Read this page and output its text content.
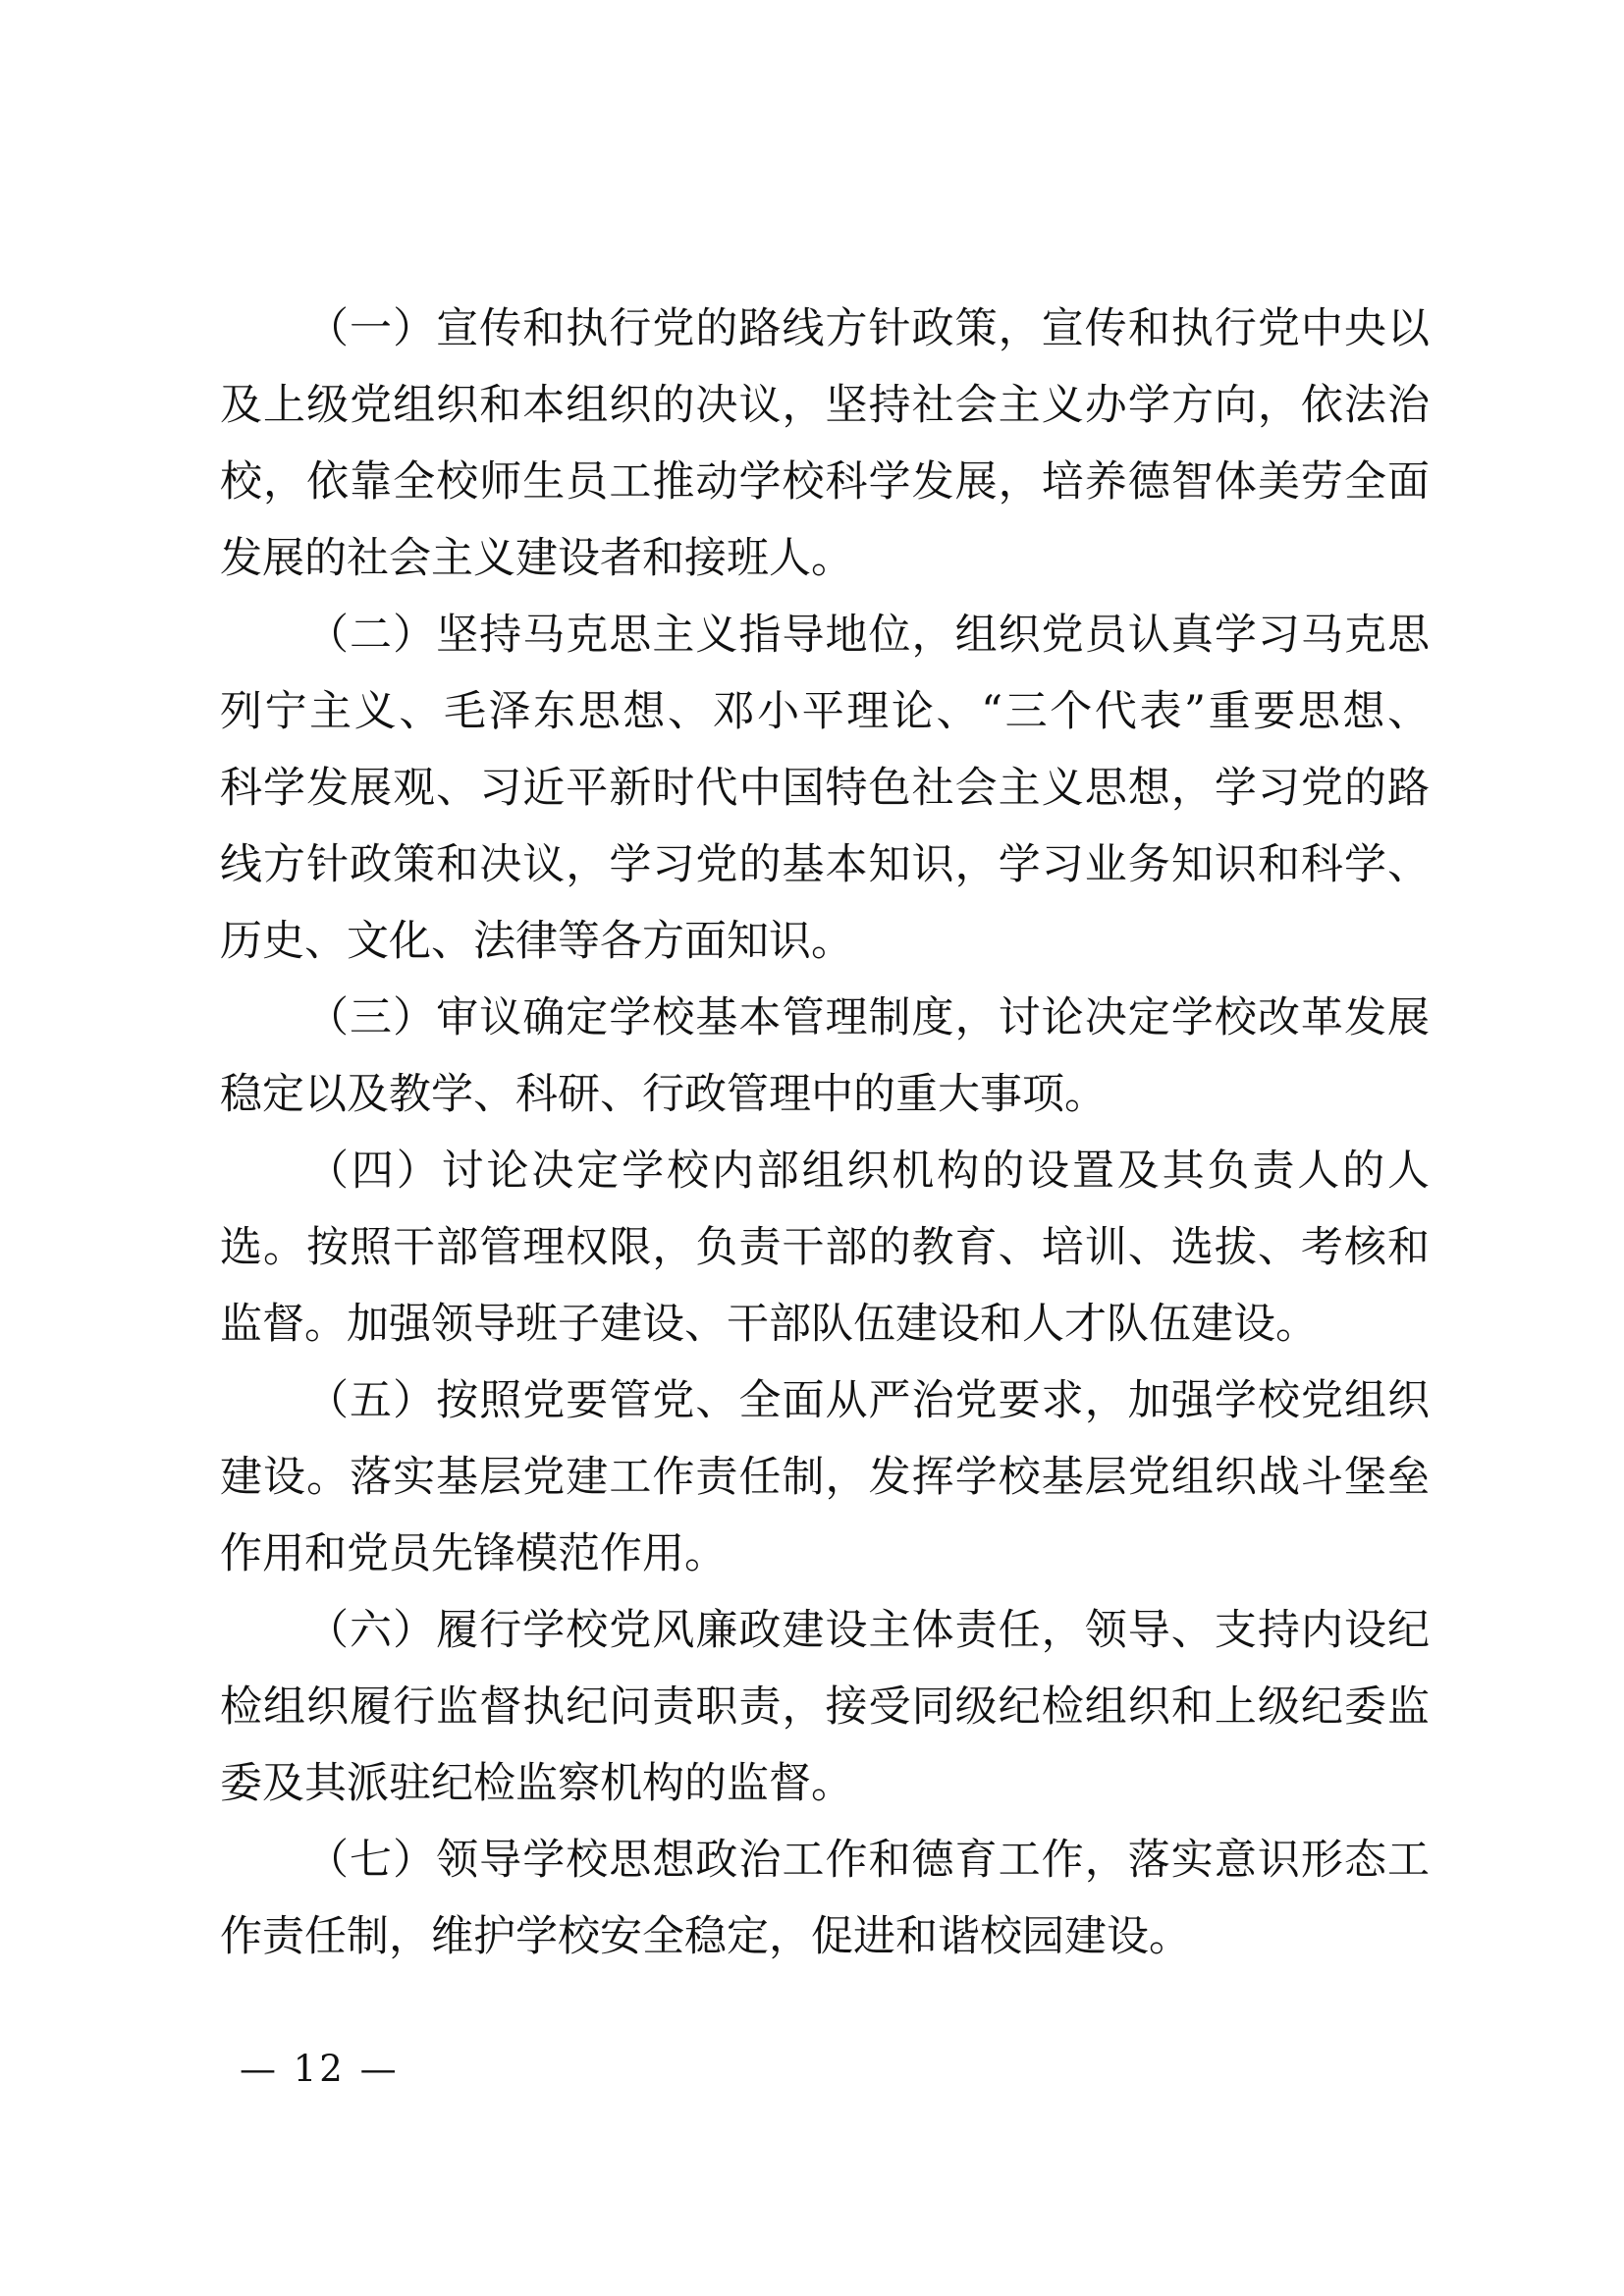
（一）宣传和执行党的路线方针政策，宣传和执行党中央以
及上级党组织和本组织的决议，坚持社会主义办学方向，依法治
校，依靠全校师生员工推动学校科学发展，培养德智体美劳全面
发展的社会主义建设者和接班人。
（二）坚持马克思主义指导地位，组织党员认真学习马克思
列宁主义、毛泽东思想、邓小平理论、“三个代表”重要思想、
科学发展观、习近平新时代中国特色社会主义思想，学习党的路
线方针政策和决议，学习党的基本知识，学习业务知识和科学、
历史、文化、法律等各方面知识。
（三）审议确定学校基本管理制度，讨论决定学校改革发展
稳定以及教学、科研、行政管理中的重大事项。
（四）讨论决定学校内部组织机构的设置及其负责人的人
选。按照干部管理权限，负责干部的教育、培训、选拔、考核和
监督。加强领导班子建设、干部队伍建设和人才队伍建设。
（五）按照党要管党、全面从严治党要求，加强学校党组织
建设。落实基层党建工作责任制，发挥学校基层党组织战斗堡垒
作用和党员先锋模范作用。
（六）履行学校党风廉政建设主体责任，领导、支持内设纪
检组织履行监督执纪问责职责，接受同级纪检组织和上级纪委监
委及其派驻纪检监察机构的监督。
（七）领导学校思想政治工作和德育工作，落实意识形态工
作责任制，维护学校安全稳定，促进和谐校园建设。
— 12 —
